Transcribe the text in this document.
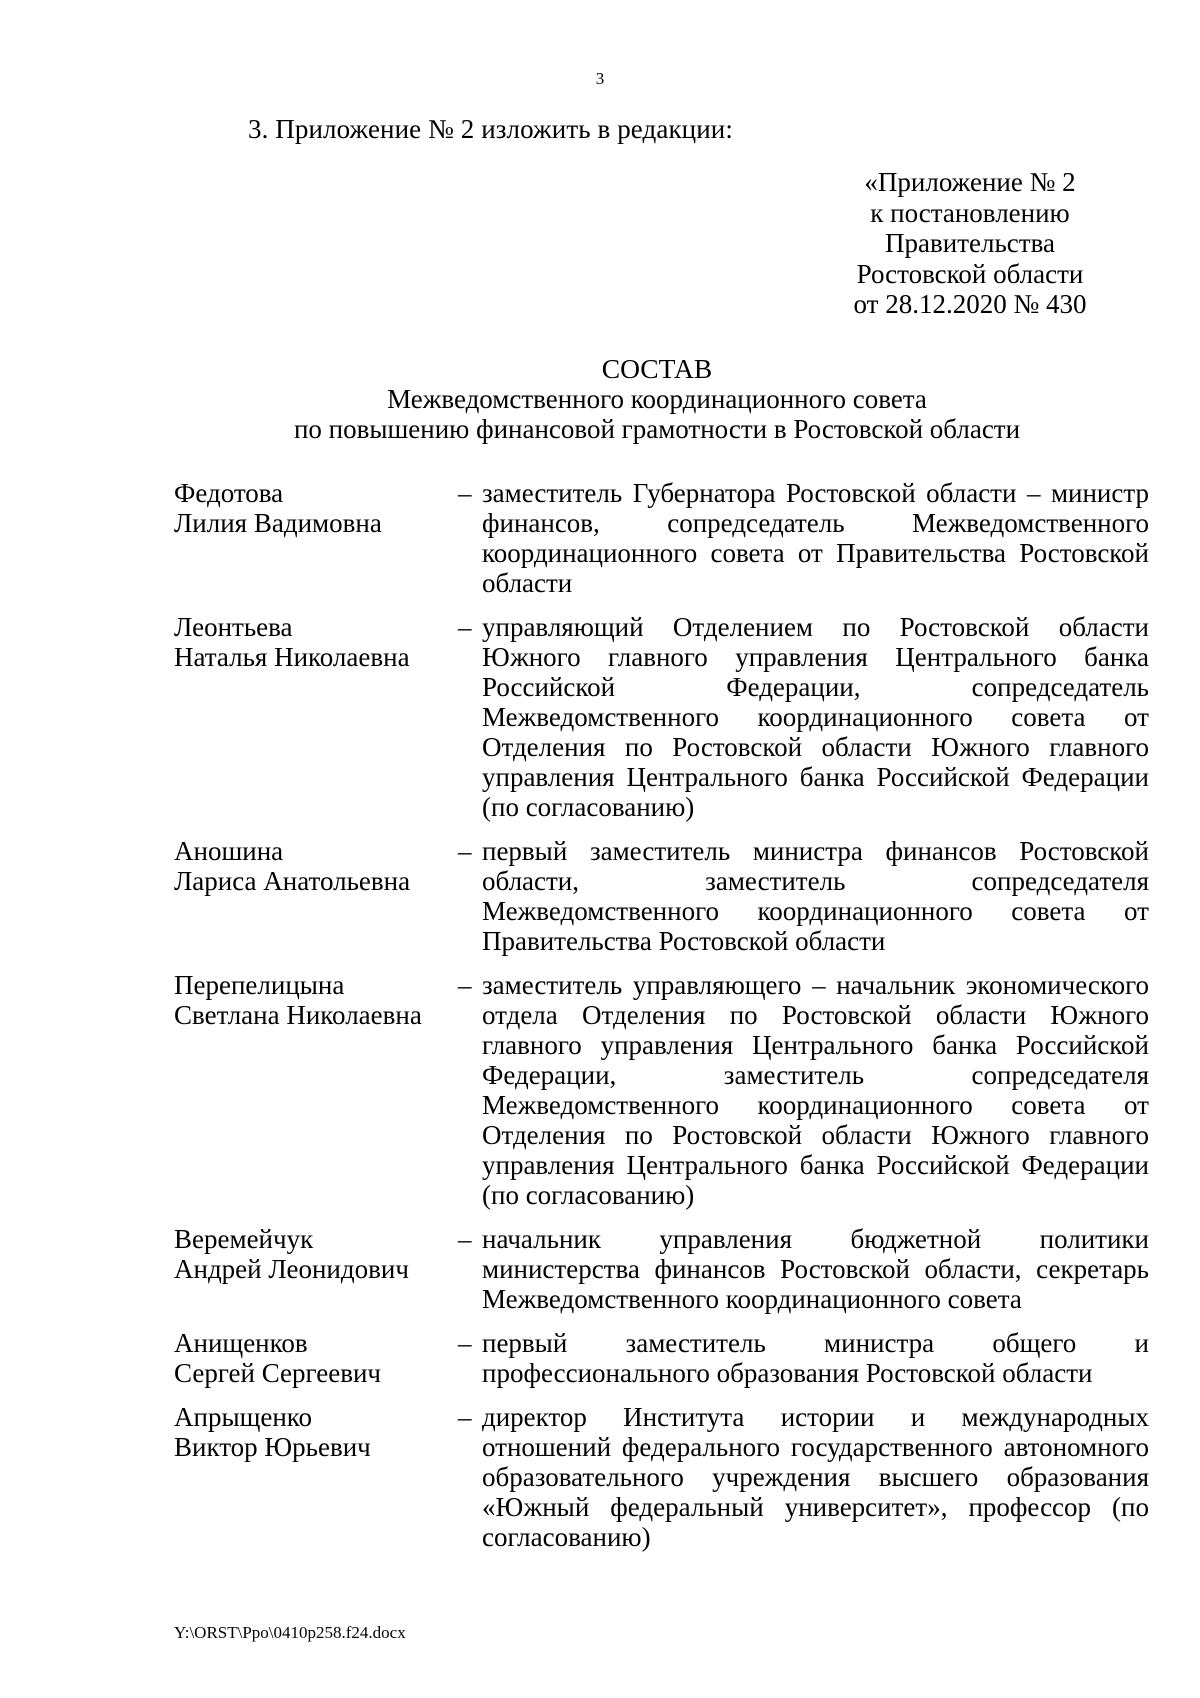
3
3. Приложение № 2 изложить в редакции:
«Приложение № 2
к постановлению
Правительства
Ростовской области
от 28.12.2020 № 430
СОСТАВ
Межведомственного координационного совета
по повышению финансовой грамотности в Ростовской области
Федотова
Лилия Вадимовна
– заместитель Губернатора Ростовской области – министр финансов, сопредседатель Межведомственного координационного совета от Правительства Ростовской области
Леонтьева
Наталья Николаевна
– управляющий Отделением по Ростовской области Южного главного управления Центрального банка Российской Федерации, сопредседатель Межведомственного координационного совета от Отделения по Ростовской области Южного главного управления Центрального банка Российской Федерации (по согласованию)
Аношина
Лариса Анатольевна
– первый заместитель министра финансов Ростовской области, заместитель сопредседателя Межведомственного координационного совета от Правительства Ростовской области
Перепелицына
Светлана Николаевна
– заместитель управляющего – начальник экономического отдела Отделения по Ростовской области Южного главного управления Центрального банка Российской Федерации, заместитель сопредседателя Межведомственного координационного совета от Отделения по Ростовской области Южного главного управления Центрального банка Российской Федерации (по согласованию)
Веремейчук
Андрей Леонидович
– начальник управления бюджетной политики министерства финансов Ростовской области, секретарь Межведомственного координационного совета
Анищенков
Сергей Сергеевич
– первый заместитель министра общего и профессионального образования Ростовской области
Апрыщенко
Виктор Юрьевич
– директор Института истории и международных отношений федерального государственного автономного образовательного учреждения высшего образования «Южный федеральный университет», профессор (по согласованию)
Y:\ORST\Ppo\0410p258.f24.docx
